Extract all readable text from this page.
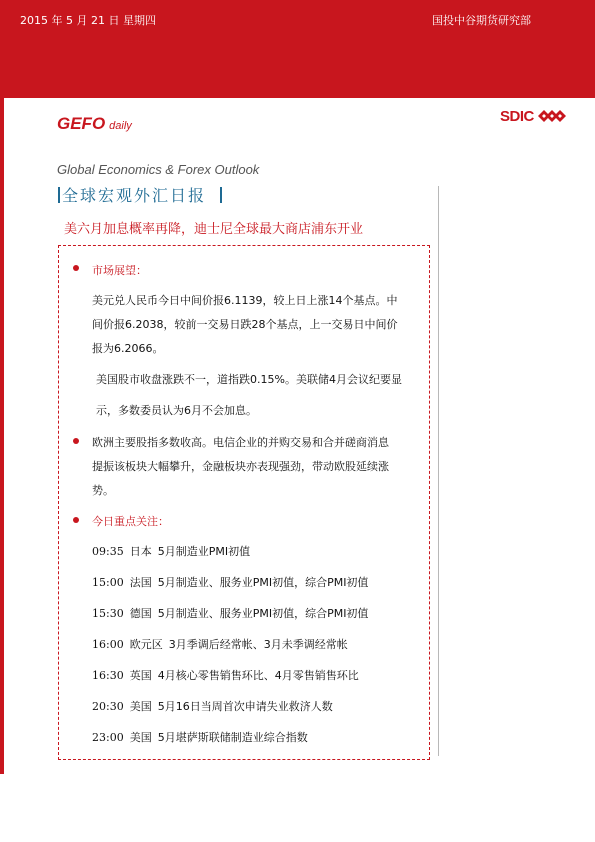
2015 年 5 月 21 日 星期四	国投中谷期货研究部
GEFO daily
SDIC
Global Economics & Forex Outlook
全球宏观外汇日报
美六月加息概率再降，迪士尼全球最大商店浦东开业
市场展望：
美元兑人民币今日中间价报6.1139，较上日上涨14个基点。中
间价报6.2038，较前一交易日跌28个基点，上一交易日中间价
报为6.2066。
美国股市收盘涨跌不一，道指跌0.15%。美联储4月会议纪要显
示，多数委员认为6月不会加息。
欧洲主要股指多数收高。电信企业的并购交易和合并磋商消息
提振该板块大幅攀升，金融板块亦表现强劲，带动欧股延续涨
势。
今日重点关注：
09:35 日本 5月制造业PMI初值
15:00 法国 5月制造业、服务业PMI初值，综合PMI初值
15:30 德国 5月制造业、服务业PMI初值，综合PMI初值
16:00 欧元区 3月季调后经常帐、3月未季调经常帐
16:30 英国 4月核心零售销售环比、4月零售销售环比
20:30 美国 5月16日当周首次申请失业救济人数
23:00 美国 5月堪萨斯联储制造业综合指数
